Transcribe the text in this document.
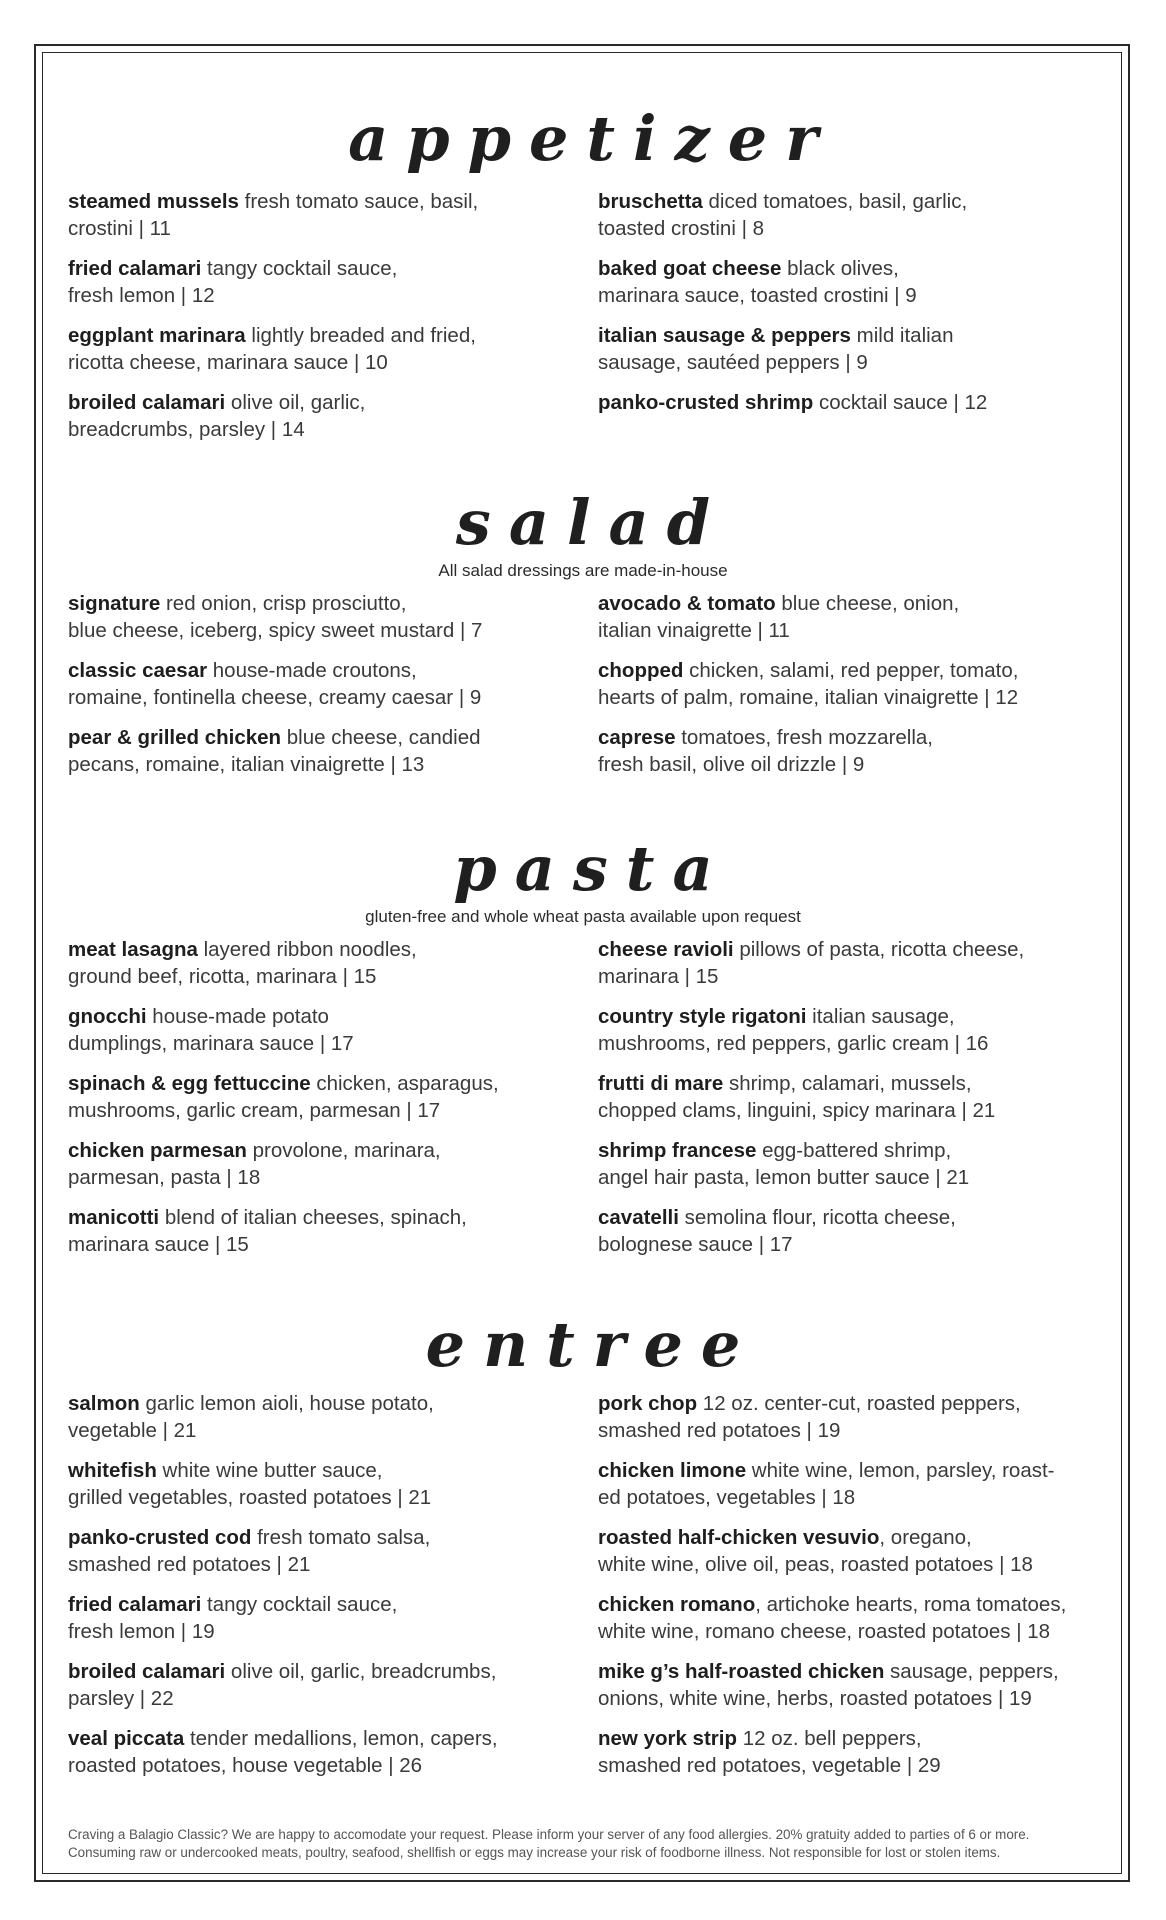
appetizer
steamed mussels fresh tomato sauce, basil,
crostini | 11
fried calamari tangy cocktail sauce,
fresh lemon | 12
eggplant marinara lightly breaded and fried,
ricotta cheese, marinara sauce | 10
broiled calamari olive oil, garlic,
breadcrumbs, parsley | 14
bruschetta diced tomatoes, basil, garlic,
toasted crostini | 8
baked goat cheese black olives,
marinara sauce, toasted crostini | 9
italian sausage & peppers mild italian
sausage, sautéed peppers | 9
panko-crusted shrimp cocktail sauce | 12
salad
All salad dressings are made-in-house
signature red onion, crisp prosciutto,
blue cheese, iceberg, spicy sweet mustard | 7
classic caesar house-made croutons,
romaine, fontinella cheese, creamy caesar | 9
pear & grilled chicken blue cheese, candied
pecans, romaine, italian vinaigrette | 13
avocado & tomato blue cheese, onion,
italian vinaigrette | 11
chopped chicken, salami, red pepper, tomato,
hearts of palm, romaine, italian vinaigrette | 12
caprese tomatoes, fresh mozzarella,
fresh basil, olive oil drizzle | 9
pasta
gluten-free and whole wheat pasta available upon request
meat lasagna layered ribbon noodles,
ground beef, ricotta, marinara | 15
gnocchi house-made potato
dumplings, marinara sauce | 17
spinach & egg fettuccine chicken, asparagus,
mushrooms, garlic cream, parmesan | 17
chicken parmesan provolone, marinara,
parmesan, pasta | 18
manicotti blend of italian cheeses, spinach,
marinara sauce | 15
cheese ravioli pillows of pasta, ricotta cheese,
marinara | 15
country style rigatoni italian sausage,
mushrooms, red peppers, garlic cream | 16
frutti di mare shrimp, calamari, mussels,
chopped clams, linguini, spicy marinara | 21
shrimp francese egg-battered shrimp,
angel hair pasta, lemon butter sauce | 21
cavatelli semolina flour, ricotta cheese,
bolognese sauce | 17
entree
salmon garlic lemon aioli, house potato,
vegetable | 21
whitefish white wine butter sauce,
grilled vegetables, roasted potatoes | 21
panko-crusted cod fresh tomato salsa,
smashed red potatoes | 21
fried calamari tangy cocktail sauce,
fresh lemon | 19
broiled calamari olive oil, garlic, breadcrumbs,
parsley | 22
veal piccata tender medallions, lemon, capers,
roasted potatoes, house vegetable | 26
pork chop 12 oz. center-cut, roasted peppers,
smashed red potatoes | 19
chicken limone white wine, lemon, parsley, roast-
ed potatoes, vegetables | 18
roasted half-chicken vesuvio, oregano,
white wine, olive oil, peas, roasted potatoes | 18
chicken romano, artichoke hearts, roma tomatoes,
white wine, romano cheese, roasted potatoes | 18
mike g’s half-roasted chicken sausage, peppers,
onions, white wine, herbs, roasted potatoes | 19
new york strip 12 oz. bell peppers,
smashed red potatoes, vegetable | 29
Craving a Balagio Classic? We are happy to accomodate your request. Please inform your server of any food allergies. 20% gratuity added to parties of 6 or more.
Consuming raw or undercooked meats, poultry, seafood, shellfish or eggs may increase your risk of foodborne illness. Not responsible for lost or stolen items.
